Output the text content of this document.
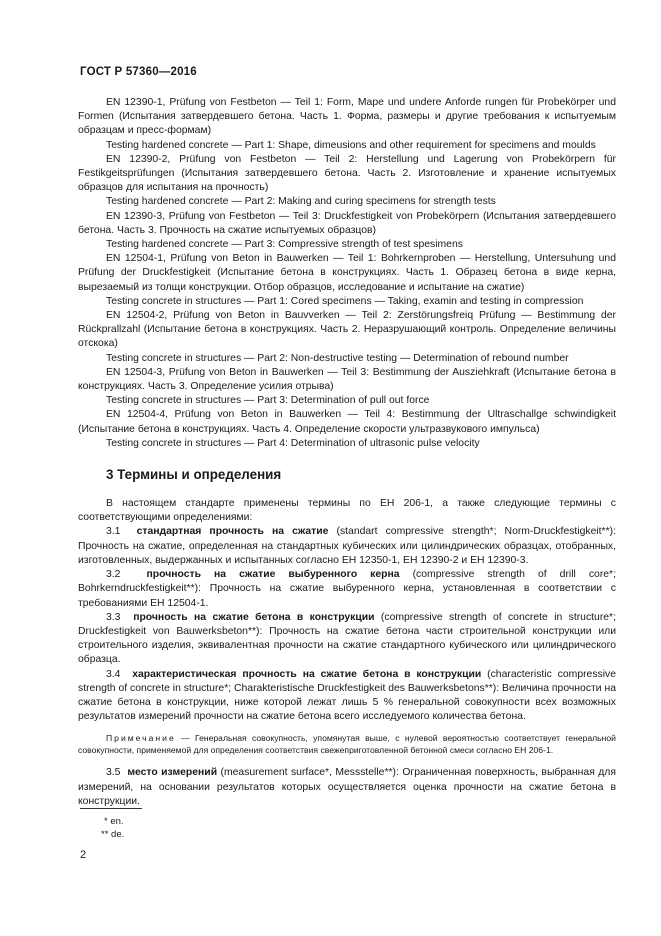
ГОСТ Р 57360—2016

EN 12390-1, Prüfung von Festbeton — Teil 1: Form, Mape und undere Anforde rungen für Probekörper und Formen (Испытания затвердевшего бетона. Часть 1. Форма, размеры и другие требования к испытуемым образцам и пресс-формам)

Testing hardened concrete — Part 1: Shape, dimeusions and other requirement for specimens and moulds

EN 12390-2, Prüfung von Festbeton — Teil 2: Herstellung und Lagerung von Probekörpern für Festikgeitsprüfungen (Испытания затвердевшего бетона. Часть 2. Изготовление и хранение испытуемых образцов для испытания на прочность)

Testing hardened concrete — Part 2: Making and curing specimens for strength tests

EN 12390-3, Prüfung von Festbeton — Teil 3: Druckfestigkeit von Probekörpern (Испытания затвердевшего бетона. Часть 3. Прочность на сжатие испытуемых образцов)

Testing hardened concrete — Part 3: Compressive strength of test spesimens

EN 12504-1, Prüfung von Beton in Bauwerken — Teil 1: Bohrkernproben — Herstellung, Untersuhung und Prüfung der Druckfestigkeit (Испытание бетона в конструкциях. Часть 1. Образец бетона в виде керна, вырезаемый из толщи конструкции. Отбор образцов, исследование и испытание на сжатие)

Testing concrete in structures — Part 1: Cored specimens — Taking, examin and testing in compression

EN 12504-2, Prüfung von Beton in Bauvverken — Teil 2: Zerstörungsfreiq Prüfung — Bestimmung der Rückprallzahl (Испытание бетона в конструкциях. Часть 2. Неразрушающий контроль. Определение величины отскока)

Testing concrete in structures — Part 2: Non-destructive testing — Determination of rebound number

EN 12504-3, Prüfung von Beton in Bauwerken — Teil 3: Bestimmung der Ausziehkraft (Испытание бетона в конструкциях. Часть 3. Определение усилия отрыва)

Testing concrete in structures — Part 3: Determination of pull out force

EN 12504-4, Prüfung von Beton in Bauwerken — Teil 4: Bestimmung der Ultraschallge schwindigkeit (Испытание бетона в конструкциях. Часть 4. Определение скорости ультразвукового импульса)

Testing concrete in structures — Part 4: Determination of ultrasonic pulse velocity

3 Термины и определения

В настоящем стандарте применены термины по ЕН 206-1, а также следующие термины с соответствующими определениями:

3.1 стандартная прочность на сжатие (standart compressive strength*; Norm-Druckfestigkeit**): Прочность на сжатие, определенная на стандартных кубических или цилиндрических образцах, отобранных, изготовленных, выдержанных и испытанных согласно ЕН 12350-1, ЕН 12390-2 и ЕН 12390-3.

3.2	прочность на сжатие выбуренного керна (compressive strength of drill core*; Bohrkerndruckfestigkeit**): Прочность на сжатие выбуренного керна, установленная в соответствии с требованиями ЕН 12504-1.

3.3 прочность на сжатие бетона в конструкции (compressive strength of concrete in structure*; Druckfestigkeit von Bauwerksbeton**): Прочность на сжатие бетона части строительной конструкции или строительного изделия, эквивалентная прочности на сжатие стандартного кубического или цилиндрического образца.

3.4 характеристическая прочность на сжатие бетона в конструкции (characteristic compressive strength of concrete in structure*; Charakteristische Druckfestigkeit des Bauwerksbetons**): Величина прочности на сжатие бетона в конструкции, ниже которой лежат лишь 5 % генеральной совокупности всех возможных результатов измерений прочности на сжатие бетона всего исследуемого количества бетона.

Примечание — Генеральная совокупность, упомянутая выше, с нулевой вероятностью соответствует генеральной совокупности, применяемой для определения соответствия свежеприготовленной бетонной смеси согласно ЕН 206-1.

3.5 место измерений (measurement surface*, Messstelle**): Ограниченная поверхность, выбранная для измерений, на основании результатов которых осуществляется оценка прочности на сжатие бетона в конструкции.

* en.
** de.
2
